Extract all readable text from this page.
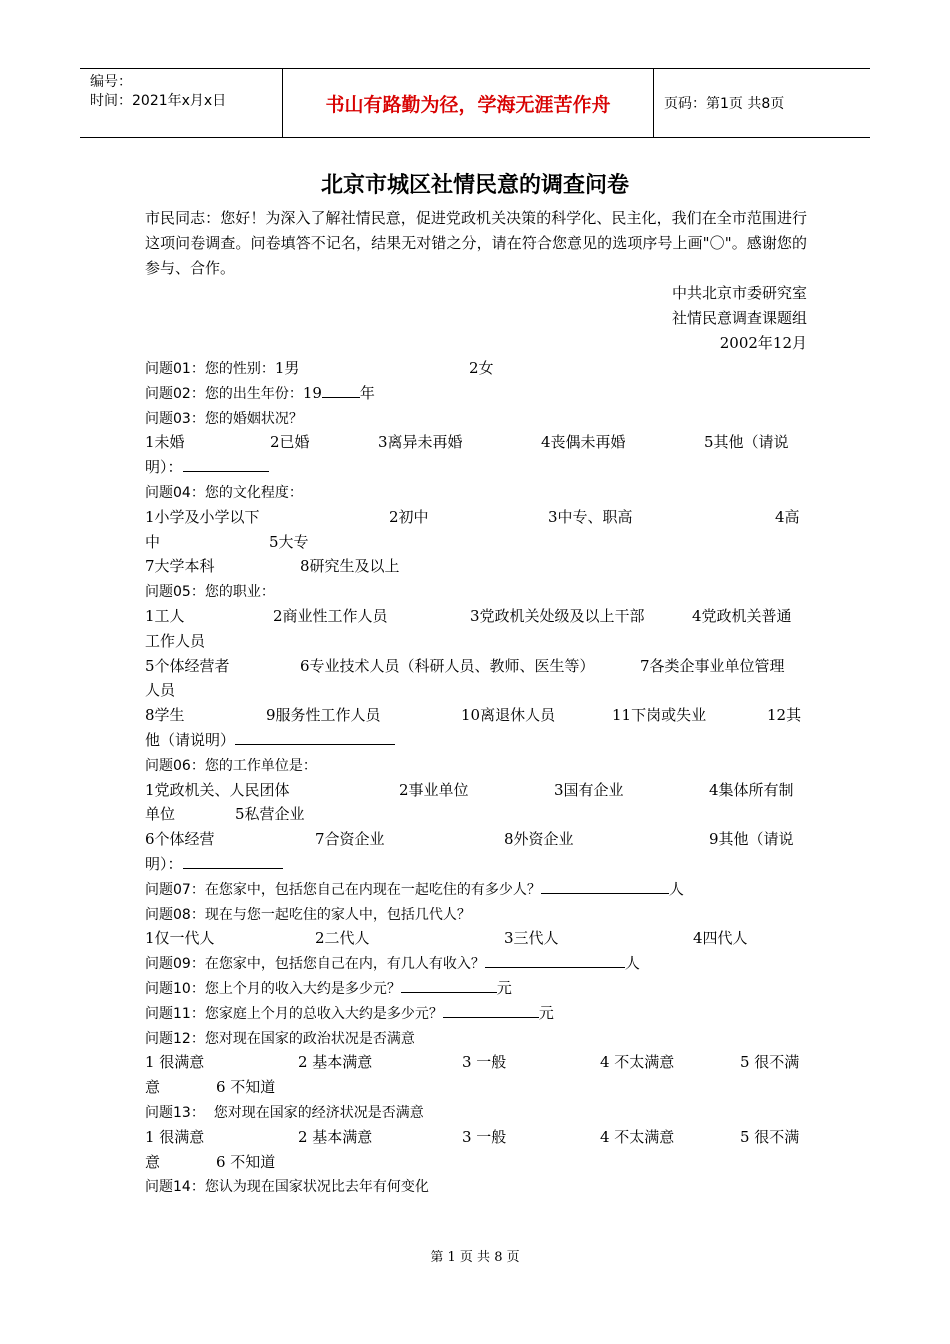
编号：
时间：2021年x月x日	书山有路勤为径，学海无涯苦作舟	页码：第1页 共8页
北京市城区社情民意的调查问卷

市民同志：您好！为深入了解社情民意，促进党政机关决策的科学化、民主化，我们在全市范围进行这项问卷调查。问卷填答不记名，结果无对错之分，请在符合您意见的选项序号上画"〇"。感谢您的参与、合作。

中共北京市委研究室
社情民意调查课题组
2002年12月
问题01：您的性别：1男	2女
问题02：您的出生年份：19	年
问题03：您的婚姻状况？
1未婚	2已婚	3离异未再婚	4丧偶未再婚	5其他（请说
明）：
问题04：您的文化程度：
1小学及小学以下	2初中	3中专、职高	4高
中	5大专
7大学本科	8研究生及以上
问题05：您的职业：
1工人	2商业性工作人员	3党政机关处级及以上干部	4党政机关普通
工作人员
5个体经营者	6专业技术人员（科研人员、教师、医生等）	7各类企事业单位管理
人员
8学生	9服务性工作人员	10离退休人员	11下岗或失业	12其
他（请说明）
问题06：您的工作单位是：
1党政机关、人民团体	2事业单位	3国有企业	4集体所有制
单位	5私营企业
6个体经营	7合资企业	8外资企业	9其他（请说
明）：
问题07：在您家中，包括您自己在内现在一起吃住的有多少人？	人
问题08：现在与您一起吃住的家人中，包括几代人？
1仅一代人	2二代人	3三代人	4四代人
问题09：在您家中，包括您自己在内，有几人有收入？	人
问题10：您上个月的收入大约是多少元？	元
问题11：您家庭上个月的总收入大约是多少元？	元
问题12：您对现在国家的政治状况是否满意
1 很满意	2 基本满意	3 一般	4 不太满意	5 很不满
意	6 不知道
问题13：  您对现在国家的经济状况是否满意
1 很满意	2 基本满意	3 一般	4 不太满意	5 很不满
意	6 不知道
问题14：您认为现在国家状况比去年有何变化
第 1 页 共 8 页
